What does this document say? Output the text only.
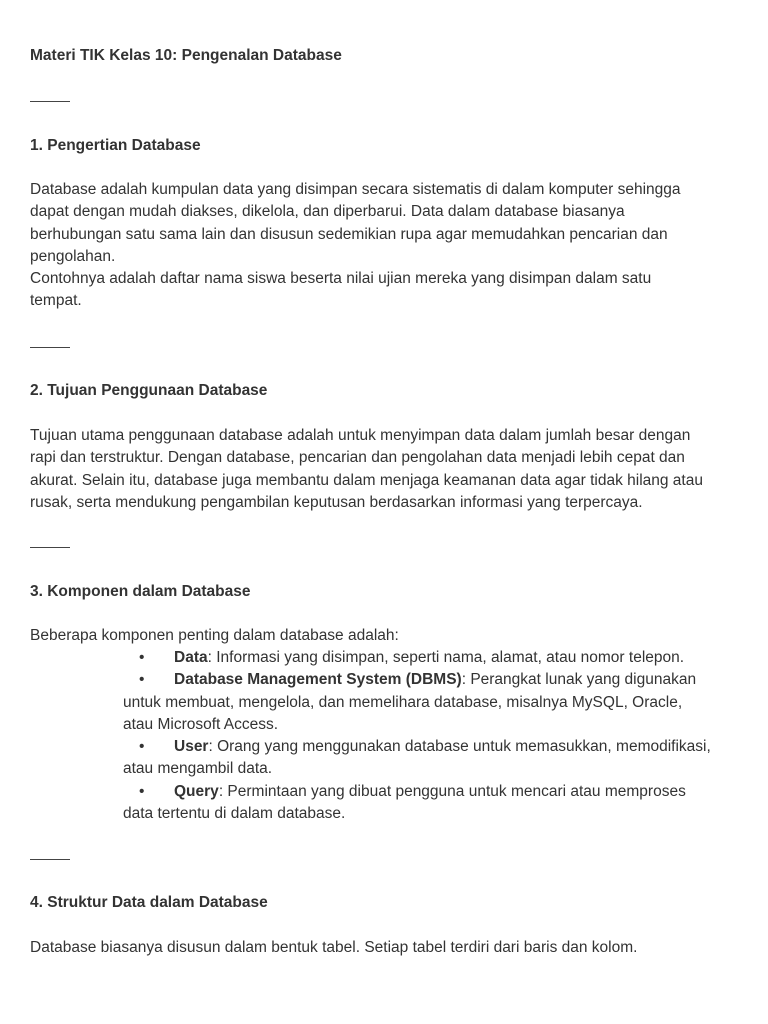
Materi TIK Kelas 10: Pengenalan Database

1. Pengertian Database

Database adalah kumpulan data yang disimpan secara sistematis di dalam komputer sehingga
dapat dengan mudah diakses, dikelola, dan diperbarui. Data dalam database biasanya
berhubungan satu sama lain dan disusun sedemikian rupa agar memudahkan pencarian dan
pengolahan.
Contohnya adalah daftar nama siswa beserta nilai ujian mereka yang disimpan dalam satu
tempat.

2. Tujuan Penggunaan Database

Tujuan utama penggunaan database adalah untuk menyimpan data dalam jumlah besar dengan
rapi dan terstruktur. Dengan database, pencarian dan pengolahan data menjadi lebih cepat dan
akurat. Selain itu, database juga membantu dalam menjaga keamanan data agar tidak hilang atau
rusak, serta mendukung pengambilan keputusan berdasarkan informasi yang terpercaya.

3. Komponen dalam Database

Beberapa komponen penting dalam database adalah:

• Data: Informasi yang disimpan, seperti nama, alamat, atau nomor telepon.
• Database Management System (DBMS): Perangkat lunak yang digunakan
untuk membuat, mengelola, dan memelihara database, misalnya MySQL, Oracle,
atau Microsoft Access.
• User: Orang yang menggunakan database untuk memasukkan, memodifikasi,
atau mengambil data.
• Query: Permintaan yang dibuat pengguna untuk mencari atau memproses
data tertentu di dalam database.

4. Struktur Data dalam Database

Database biasanya disusun dalam bentuk tabel. Setiap tabel terdiri dari baris dan kolom.
